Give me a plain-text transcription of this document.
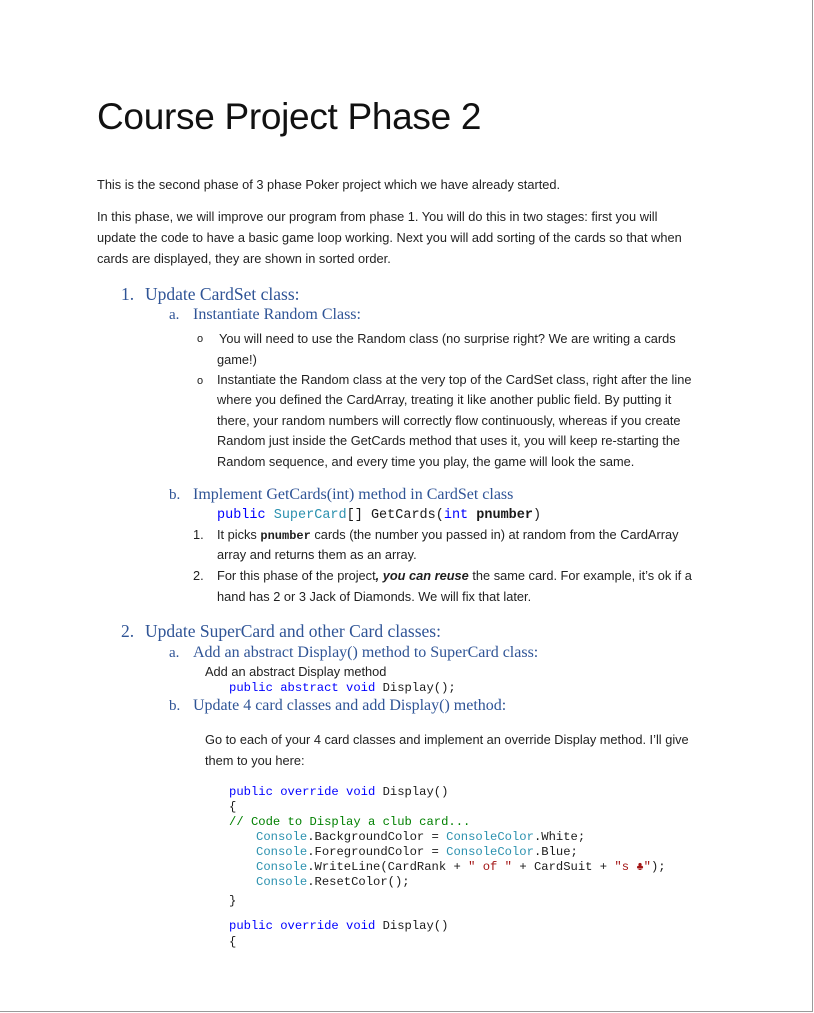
Course Project Phase 2
This is the second phase of 3 phase Poker project which we have already started.
In this phase, we will improve our program from phase 1. You will do this in two stages: first you will
update the code to have a basic game loop working. Next you will add sorting of the cards so that when
cards are displayed, they are shown in sorted order.
1. Update CardSet class:
a. Instantiate Random Class:
o You will need to use the Random class (no surprise right? We are writing a cards
game!)
o Instantiate the Random class at the very top of the CardSet class, right after the line
where you defined the CardArray, treating it like another public field. By putting it
there, your random numbers will correctly flow continuously, whereas if you create
Random just inside the GetCards method that uses it, you will keep re-starting the
Random sequence, and every time you play, the game will look the same.
b. Implement GetCards(int) method in CardSet class
public SuperCard[] GetCards(int pnumber)
1. It picks pnumber cards (the number you passed in) at random from the CardArray
array and returns them as an array.
2. For this phase of the project, you can reuse the same card. For example, it’s ok if a
hand has 2 or 3 Jack of Diamonds. We will fix that later.
2. Update SuperCard and other Card classes:
a. Add an abstract Display() method to SuperCard class:
Add an abstract Display method
public abstract void Display();
b. Update 4 card classes and add Display() method:
Go to each of your 4 card classes and implement an override Display method. I’ll give
them to you here:
public override void Display()
{
// Code to Display a club card...
Console.BackgroundColor = ConsoleColor.White;
Console.ForegroundColor = ConsoleColor.Blue;
Console.WriteLine(CardRank + " of " + CardSuit + "s ♣");
Console.ResetColor();
}
public override void Display()
{
